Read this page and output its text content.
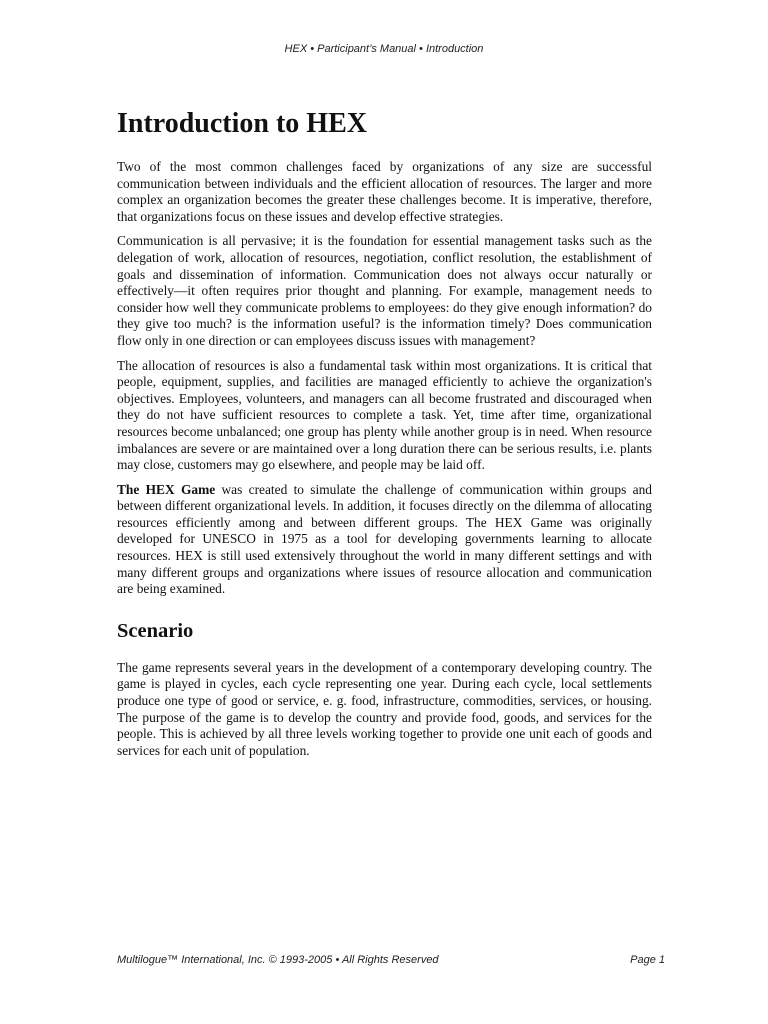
HEX • Participant’s Manual • Introduction
Introduction to HEX

Two of the most common challenges faced by organizations of any size are successful communication between individuals and the efficient allocation of resources. The larger and more complex an organization becomes the greater these challenges become. It is imperative, therefore, that organizations focus on these issues and develop effective strategies.

Communication is all pervasive; it is the foundation for essential management tasks such as the delegation of work, allocation of resources, negotiation, conflict resolution, the establishment of goals and dissemination of information. Communication does not always occur naturally or effectively—it often requires prior thought and planning. For example, management needs to consider how well they communicate problems to employees: do they give enough information? do they give too much? is the information useful? is the information timely? Does communication flow only in one direction or can employees discuss issues with management?

The allocation of resources is also a fundamental task within most organizations. It is critical that people, equipment, supplies, and facilities are managed efficiently to achieve the organization's objectives. Employees, volunteers, and managers can all become frustrated and discouraged when they do not have sufficient resources to complete a task. Yet, time after time, organizational resources become unbalanced; one group has plenty while another group is in need. When resource imbalances are severe or are maintained over a long duration there can be serious results, i.e. plants may close, customers may go elsewhere, and people may be laid off.

The HEX Game was created to simulate the challenge of communication within groups and between different organizational levels. In addition, it focuses directly on the dilemma of allocating resources efficiently among and between different groups. The HEX Game was originally developed for UNESCO in 1975 as a tool for developing governments learning to allocate resources. HEX is still used extensively throughout the world in many different settings and with many different groups and organizations where issues of resource allocation and communication are being examined.

Scenario

The game represents several years in the development of a contemporary developing country. The game is played in cycles, each cycle representing one year. During each cycle, local settlements produce one type of good or service, e. g. food, infrastructure, commodities, services, or housing. The purpose of the game is to develop the country and provide food, goods, and services for the people. This is achieved by all three levels working together to provide one unit each of goods and services for each unit of population.

Multilogue™ International, Inc. © 1993-2005 • All Rights Reserved	Page 1
